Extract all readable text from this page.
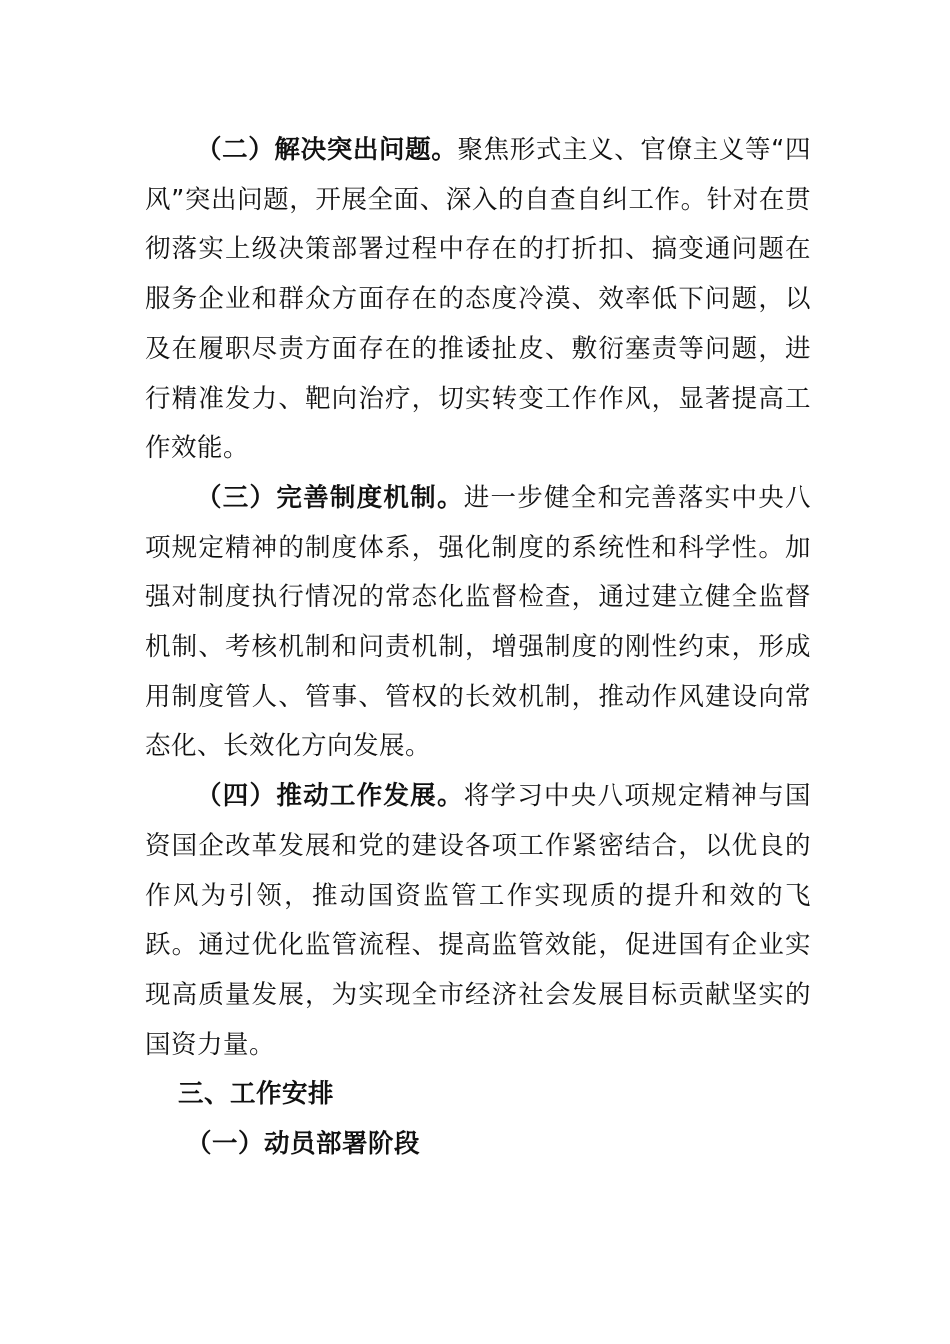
（二）解决突出问题。聚焦形式主义、官僚主义等“四风”突出问题，开展全面、深入的自查自纠工作。针对在贯彻落实上级决策部署过程中存在的打折扣、搞变通问题在服务企业和群众方面存在的态度冷漠、效率低下问题，以及在履职尽责方面存在的推诿扯皮、敷衍塞责等问题，进行精准发力、靶向治疗，切实转变工作作风，显著提高工作效能。

（三）完善制度机制。进一步健全和完善落实中央八项规定精神的制度体系，强化制度的系统性和科学性。加强对制度执行情况的常态化监督检查，通过建立健全监督机制、考核机制和问责机制，增强制度的刚性约束，形成用制度管人、管事、管权的长效机制，推动作风建设向常态化、长效化方向发展。

（四）推动工作发展。将学习中央八项规定精神与国资国企改革发展和党的建设各项工作紧密结合，以优良的作风为引领，推动国资监管工作实现质的提升和效的飞跃。通过优化监管流程、提高监管效能，促进国有企业实现高质量发展，为实现全市经济社会发展目标贡献坚实的国资力量。

三、工作安排

（一）动员部署阶段
